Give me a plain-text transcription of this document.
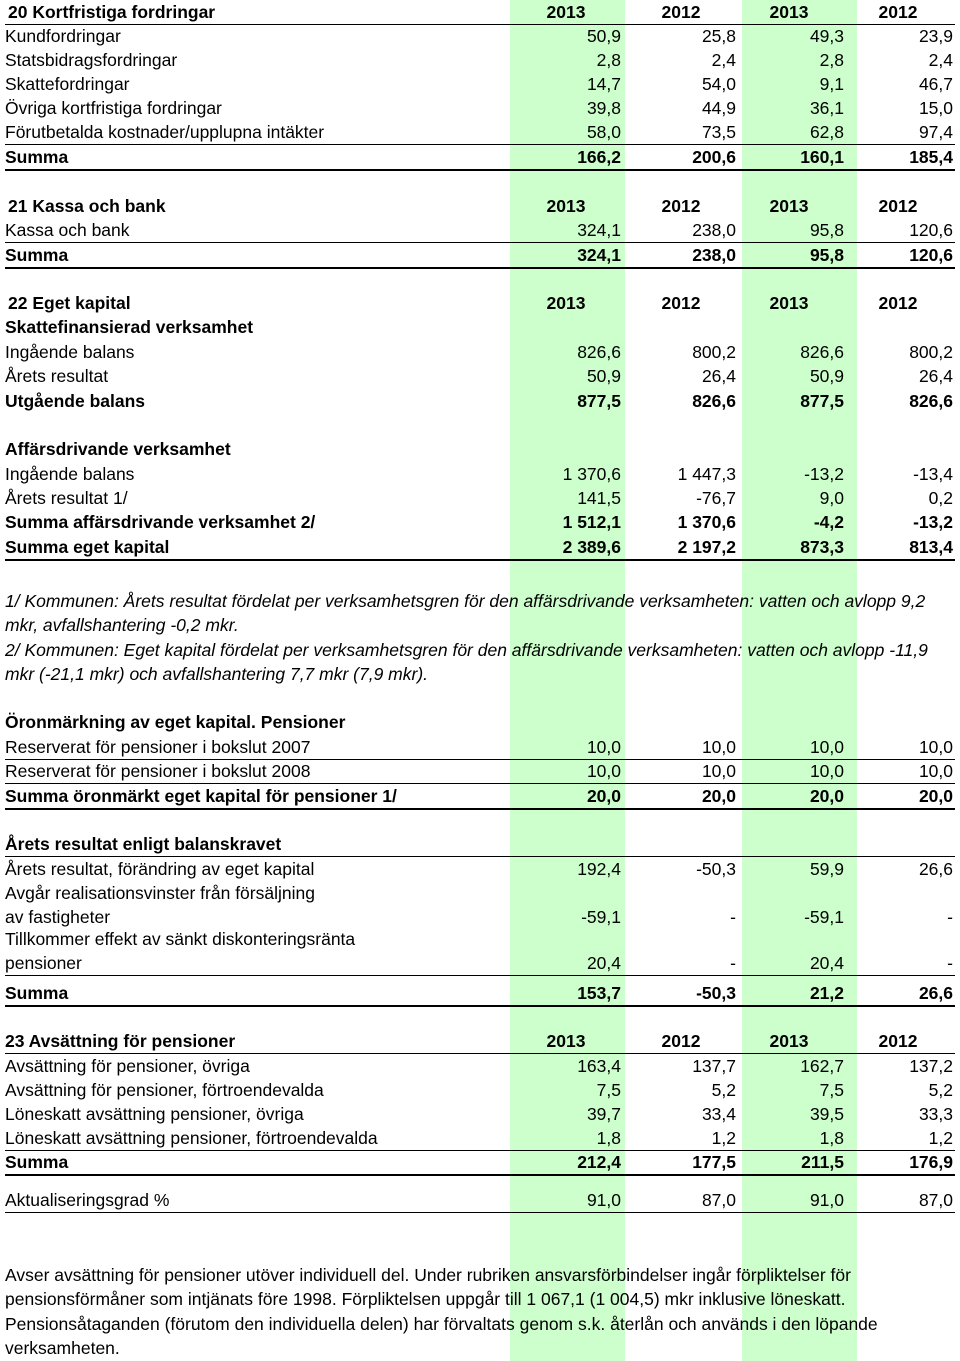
20 Kortfristiga fordringar	2013	2012	2013	2012
Kundfordringar	50,9	25,8	49,3	23,9
Statsbidragsfordringar	2,8	2,4	2,8	2,4
Skattefordringar	14,7	54,0	9,1	46,7
Övriga kortfristiga fordringar	39,8	44,9	36,1	15,0
Förutbetalda kostnader/upplupna intäkter	58,0	73,5	62,8	97,4
Summa	166,2	200,6	160,1	185,4
21 Kassa och bank	2013	2012	2013	2012
Kassa och bank	324,1	238,0	95,8	120,6
Summa	324,1	238,0	95,8	120,6
22 Eget kapital	2013	2012	2013	2012
Skattefinansierad verksamhet
Ingående balans	826,6	800,2	826,6	800,2
Årets resultat	50,9	26,4	50,9	26,4
Utgående balans	877,5	826,6	877,5	826,6
Affärsdrivande verksamhet
Ingående balans	1 370,6	1 447,3	-13,2	-13,4
Årets resultat 1/	141,5	-76,7	9,0	0,2
Summa affärsdrivande verksamhet 2/	1 512,1	1 370,6	-4,2	-13,2
Summa eget kapital	2 389,6	2 197,2	873,3	813,4
1/ Kommunen: Årets resultat fördelat per verksamhetsgren för den affärsdrivande verksamheten: vatten och avlopp 9,2 mkr, avfallshantering -0,2 mkr.
2/ Kommunen: Eget kapital fördelat per verksamhetsgren för den affärsdrivande verksamheten: vatten och avlopp -11,9 mkr (-21,1 mkr) och avfallshantering 7,7 mkr (7,9 mkr).
Öronmärkning av eget kapital. Pensioner
Reserverat för pensioner i bokslut 2007	10,0	10,0	10,0	10,0
Reserverat för pensioner i bokslut 2008	10,0	10,0	10,0	10,0
Summa öronmärkt eget kapital för pensioner 1/	20,0	20,0	20,0	20,0
Årets resultat enligt balanskravet
Årets resultat, förändring av eget kapital	192,4	-50,3	59,9	26,6
Avgår realisationsvinster från försäljning
av fastigheter	-59,1	-	-59,1	-
Tillkommer effekt av sänkt diskonteringsränta
pensioner	20,4	-	20,4	-
Summa	153,7	-50,3	21,2	26,6
23 Avsättning för pensioner	2013	2012	2013	2012
Avsättning för pensioner, övriga	163,4	137,7	162,7	137,2
Avsättning för pensioner, förtroendevalda	7,5	5,2	7,5	5,2
Löneskatt avsättning pensioner, övriga	39,7	33,4	39,5	33,3
Löneskatt avsättning pensioner, förtroendevalda	1,8	1,2	1,8	1,2
Summa	212,4	177,5	211,5	176,9
Aktualiseringsgrad %	91,0	87,0	91,0	87,0
Avser avsättning för pensioner utöver individuell del. Under rubriken ansvarsförbindelser ingår förpliktelser för pensionsförmåner som intjänats före 1998. Förpliktelsen uppgår till 1 067,1 (1 004,5) mkr inklusive löneskatt.
Pensionsåtaganden (förutom den individuella delen) har förvaltats genom s.k. återlån och används i den löpande verksamheten.
